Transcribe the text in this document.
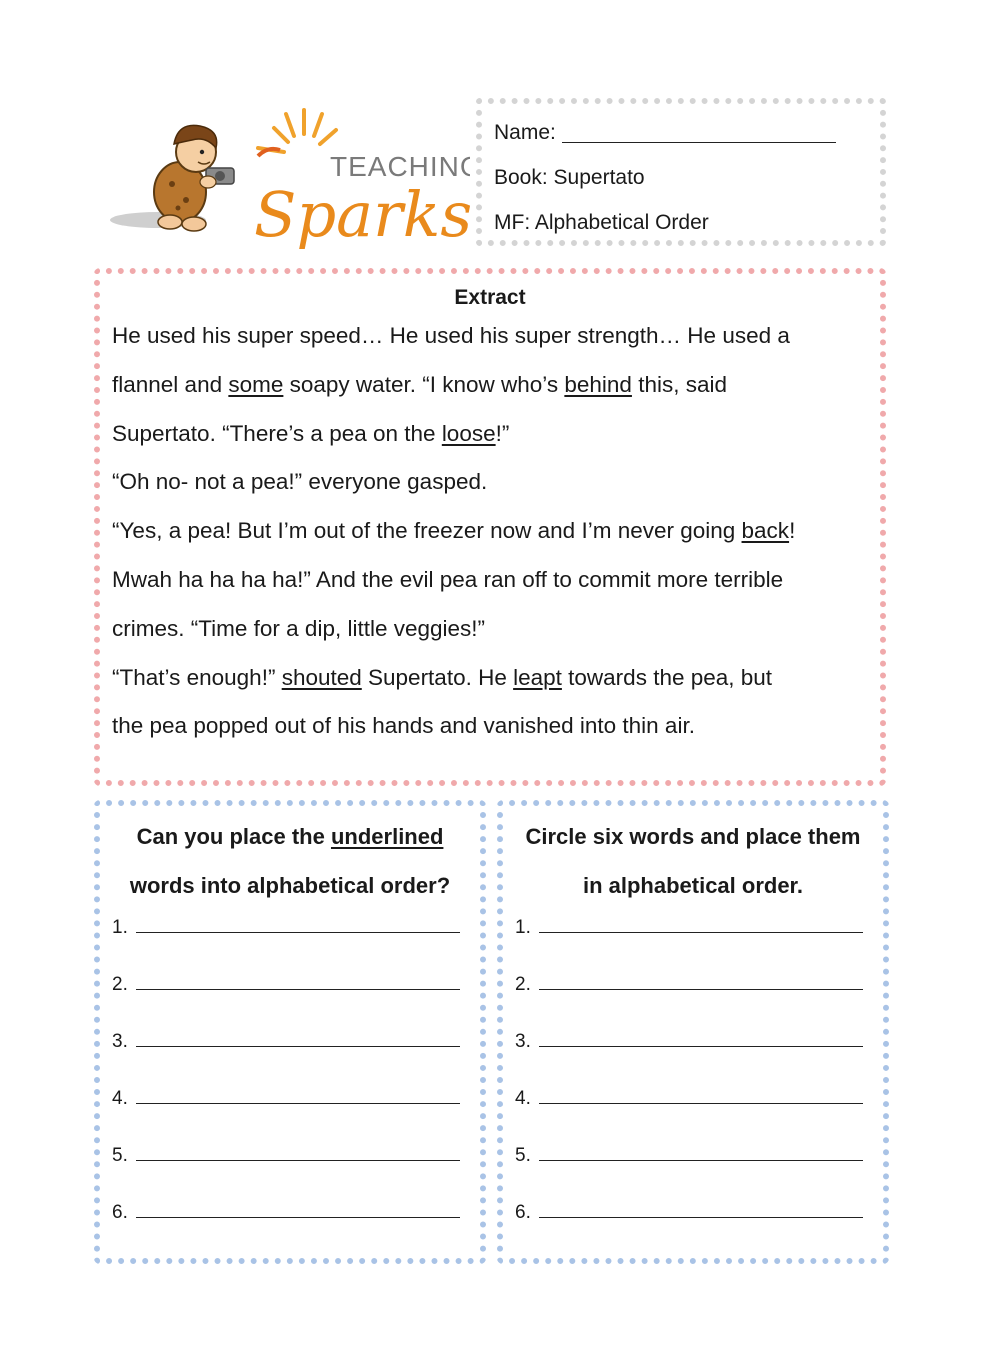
TEACHING
Sparks
Name:
Book: Supertato
MF: Alphabetical Order
Extract
He used his super speed… He used his super strength… He used a
flannel and some soapy water. “I know who’s behind this, said
Supertato. “There’s a pea on the loose!”
“Oh no- not a pea!” everyone gasped.
“Yes, a pea! But I’m out of the freezer now and I’m never going back!
Mwah ha ha ha ha!” And the evil pea ran off to commit more terrible
crimes. “Time for a dip, little veggies!”
“That’s enough!” shouted Supertato. He leapt towards the pea, but
the pea popped out of his hands and vanished into thin air.
Can you place the underlined
words into alphabetical order?
1.
2.
3.
4.
5.
6.
Circle six words and place them
in alphabetical order.
1.
2.
3.
4.
5.
6.
